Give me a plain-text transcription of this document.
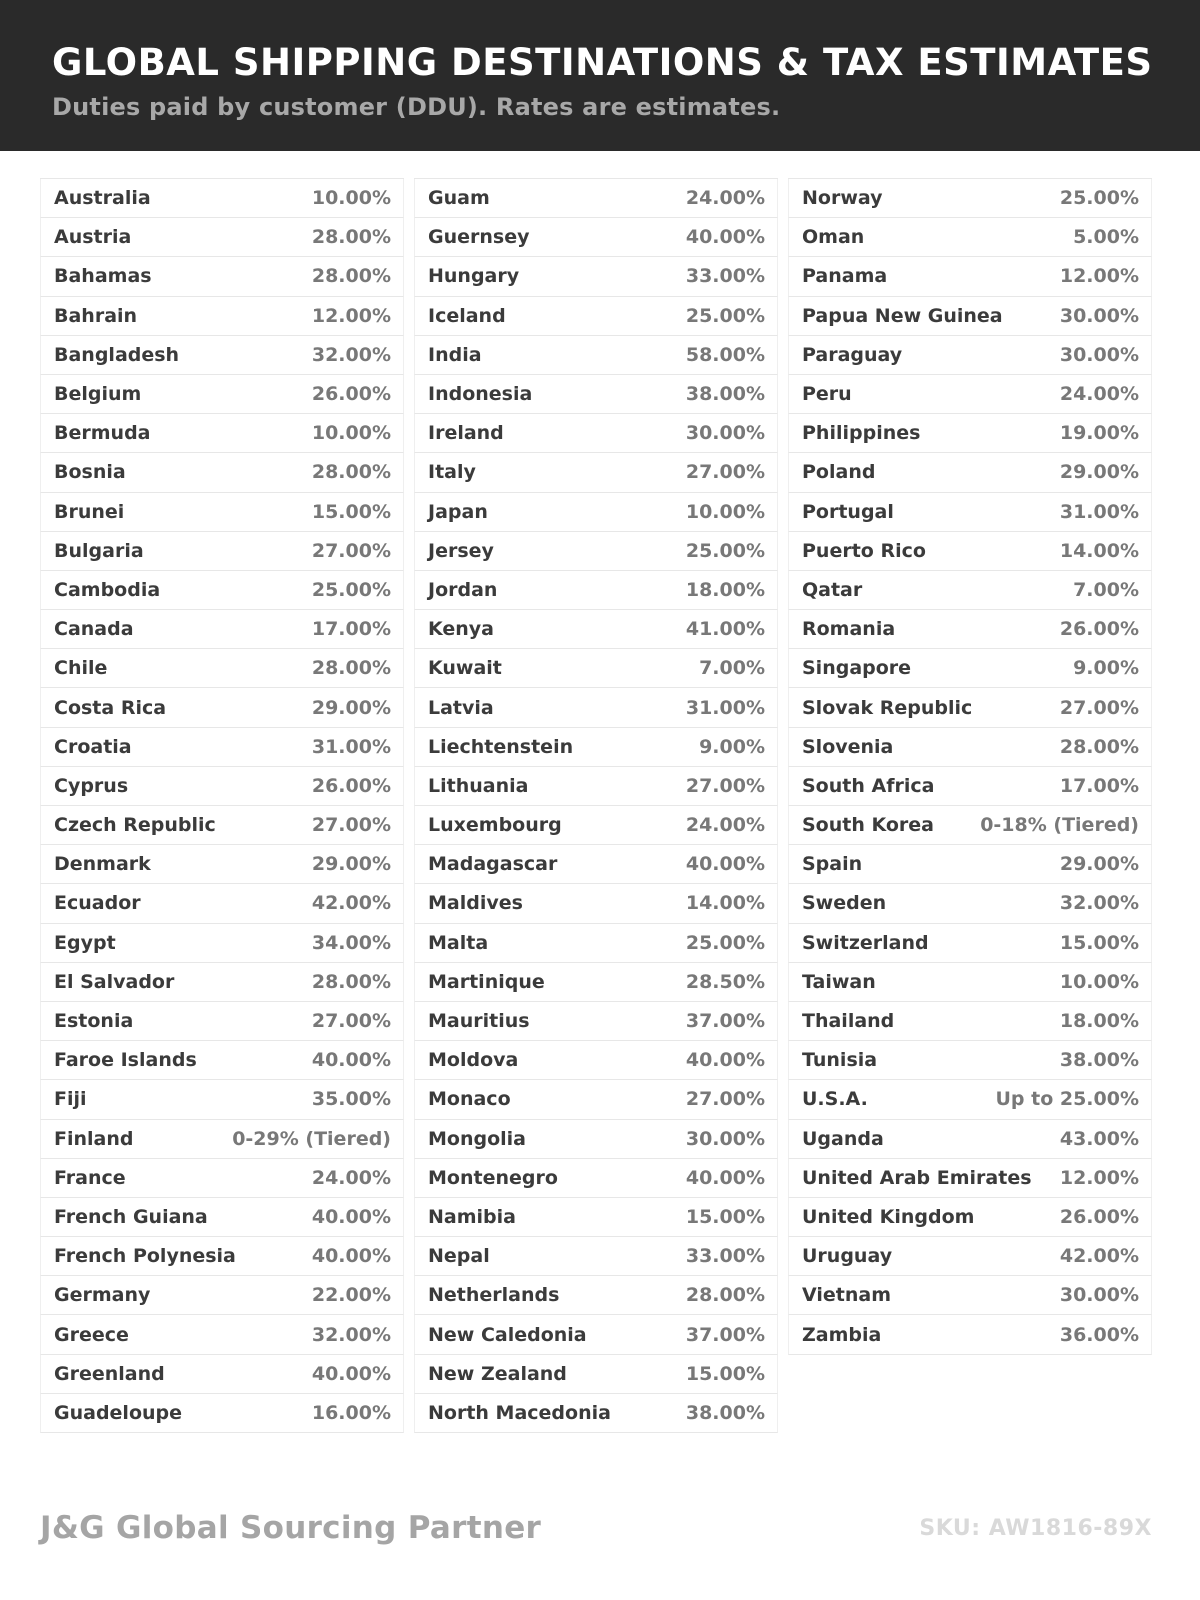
GLOBAL SHIPPING DESTINATIONS & TAX ESTIMATES

Duties paid by customer (DDU). Rates are estimates.

Australia	10.00%
Austria	28.00%
Bahamas	28.00%
Bahrain	12.00%
Bangladesh	32.00%
Belgium	26.00%
Bermuda	10.00%
Bosnia	28.00%
Brunei	15.00%
Bulgaria	27.00%
Cambodia	25.00%
Canada	17.00%
Chile	28.00%
Costa Rica	29.00%
Croatia	31.00%
Cyprus	26.00%
Czech Republic	27.00%
Denmark	29.00%
Ecuador	42.00%
Egypt	34.00%
El Salvador	28.00%
Estonia	27.00%
Faroe Islands	40.00%
Fiji	35.00%
Finland	0-29% (Tiered)
France	24.00%
French Guiana	40.00%
French Polynesia	40.00%
Germany	22.00%
Greece	32.00%
Greenland	40.00%
Guadeloupe	16.00%
Guam	24.00%
Guernsey	40.00%
Hungary	33.00%
Iceland	25.00%
India	58.00%
Indonesia	38.00%
Ireland	30.00%
Italy	27.00%
Japan	10.00%
Jersey	25.00%
Jordan	18.00%
Kenya	41.00%
Kuwait	7.00%
Latvia	31.00%
Liechtenstein	9.00%
Lithuania	27.00%
Luxembourg	24.00%
Madagascar	40.00%
Maldives	14.00%
Malta	25.00%
Martinique	28.50%
Mauritius	37.00%
Moldova	40.00%
Monaco	27.00%
Mongolia	30.00%
Montenegro	40.00%
Namibia	15.00%
Nepal	33.00%
Netherlands	28.00%
New Caledonia	37.00%
New Zealand	15.00%
North Macedonia	38.00%
Norway	25.00%
Oman	5.00%
Panama	12.00%
Papua New Guinea	30.00%
Paraguay	30.00%
Peru	24.00%
Philippines	19.00%
Poland	29.00%
Portugal	31.00%
Puerto Rico	14.00%
Qatar	7.00%
Romania	26.00%
Singapore	9.00%
Slovak Republic	27.00%
Slovenia	28.00%
South Africa	17.00%
South Korea 0-18% (Tiered)
Spain	29.00%
Sweden	32.00%
Switzerland	15.00%
Taiwan	10.00%
Thailand	18.00%
Tunisia	38.00%
U.S.A.	Up to 25.00%
Uganda	43.00%
United Arab Emirates 12.00%
United Kingdom	26.00%
Uruguay	42.00%
Vietnam	30.00%
Zambia	36.00%
J&G Global Sourcing Partner	SKU: AW1816-89X
